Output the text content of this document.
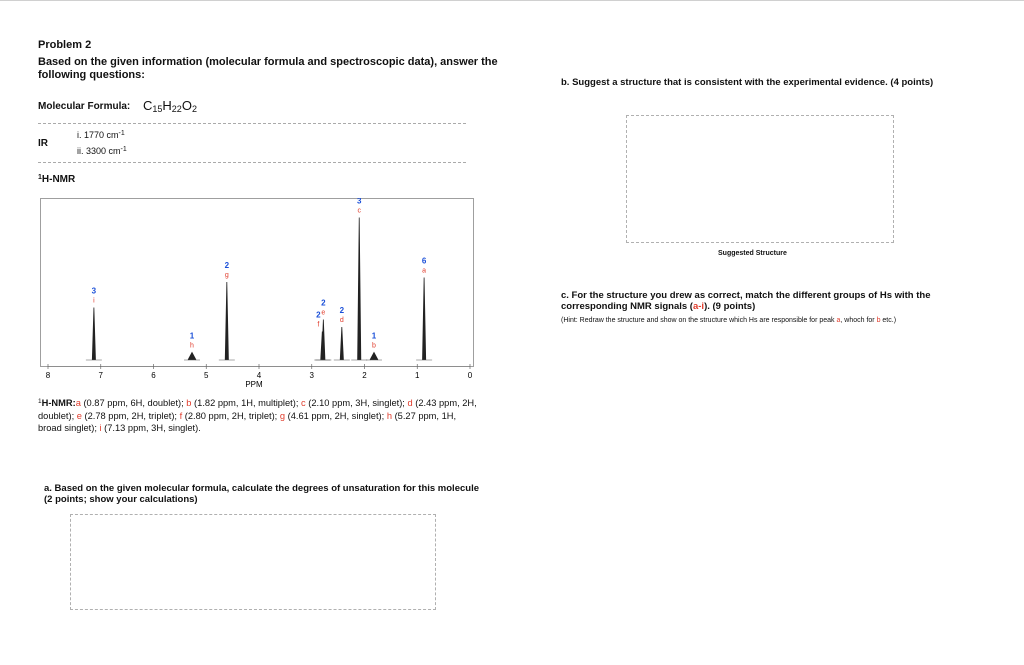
Problem 2
Based on the given information (molecular formula and spectroscopic data), answer the following questions:
Molecular Formula: $C_{15}H_{22}O_2$
IR
i. 1770 $cm^{-1}$
ii. 3300 $cm^{-1}$
$^1$H-NMR
8	7	6	5	4	3	2	1	0
3
i
1
h
2
g
2
f
2
e 2
d
3
c
1
b
6
a
PPM
$^1$H-NMR:a (0.87 ppm, 6H, doublet); b (1.82 ppm, 1H, multiplet); c (2.10 ppm, 3H, singlet); d (2.43 ppm, 2H, doublet); e (2.78 ppm, 2H, triplet); f (2.80 ppm, 2H, triplet); g (4.61 ppm, 2H, singlet); h (5.27 ppm, 1H, broad singlet); i (7.13 ppm, 3H, singlet).
a. Based on the given molecular formula, calculate the degrees of unsaturation for this molecule (2 points; show your calculations)
b. Suggest a structure that is consistent with the experimental evidence. (4 points)
Suggested Structure
c. For the structure you drew as correct, match the different groups of Hs with the corresponding NMR signals (a-i). (9 points)
(Hint: Redraw the structure and show on the structure which Hs are responsible for peak a, whoch for b etc.)
